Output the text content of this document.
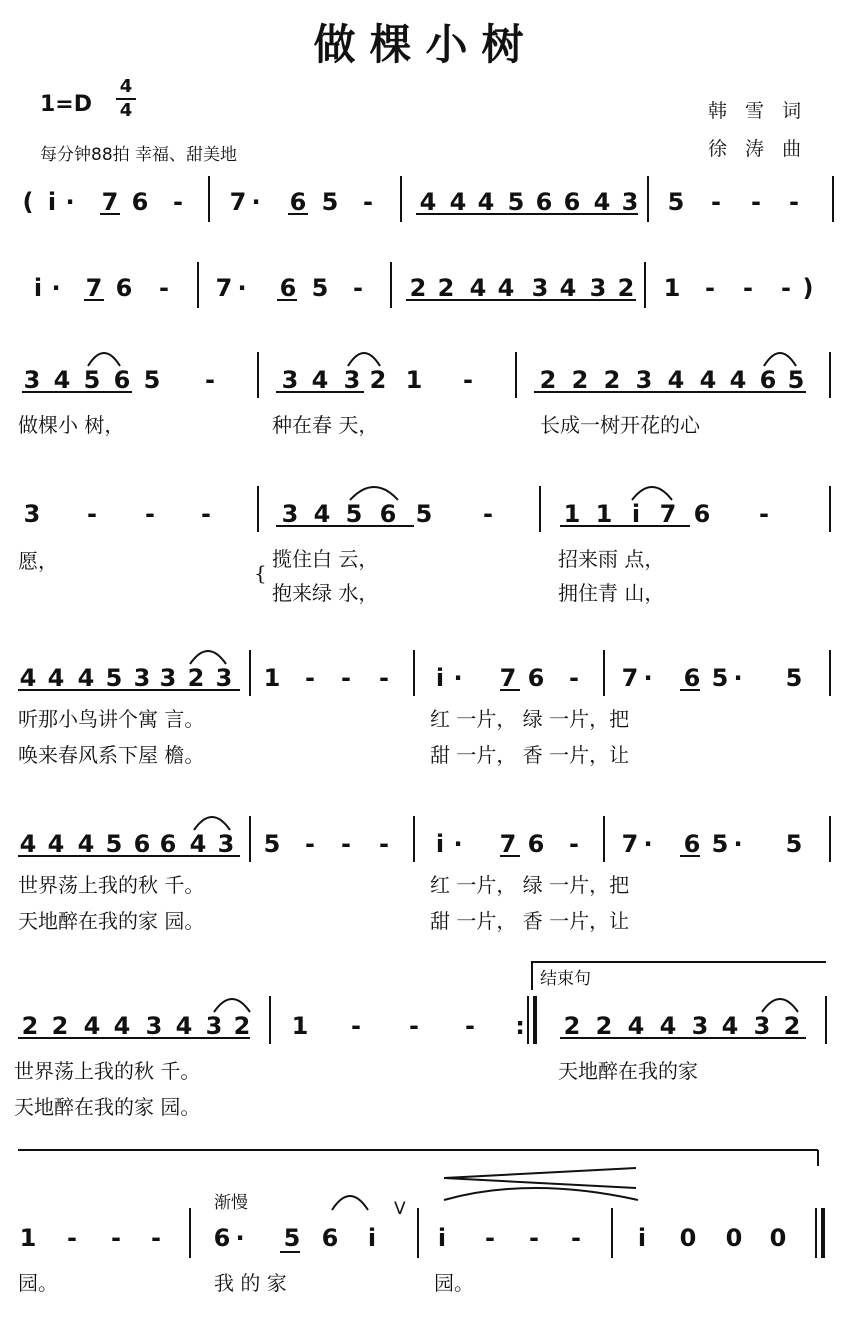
做棵小树
1=D
4
4
每分钟88拍 幸福、甜美地
韩 雪 词
徐 涛 曲
( i · 7 6 - 7 · 6 5 - 4 4 4 5 6 6 4 3 5 - - -
i · 7 6 - 7 · 6 5 - 2 2 4 4 3 4 3 2 1 - - - )
3 4 5 6 5 -	3 4 3 2 1 -	2 2 2 3 4 4 4 6 5
3 - - -	3 4 5 6 5 -	1 1 i 7 6 -
4 4 4 5 3 3 2 3 1 - - - i · 7 6 - 7 · 6 5 · 5
4 4 4 5 6 6 4 3 5 - - - i · 7 6 - 7 · 6 5 · 5
2 2 4 4 3 4 3 2 1 - - - : 2 2 4 4 3 4 3 2
1 - - - 6 · 5 6 i
V
i - - - i 0 0 0
做棵小 树，	种在春 天，	长成一树开花的心
愿，	{
揽住白 云，
抱来绿 水，
招来雨 点，
拥住青 山，
听那小鸟讲个寓 言。
唤来春风系下屋 檐。
红 一片， 绿 一片，把
甜 一片， 香 一片，让
世界荡上我的秋 千。
天地醉在我的家 园。
红 一片， 绿 一片，把
甜 一片， 香 一片，让
世界荡上我的秋 千。
天地醉在我的家 园。
天地醉在我的家
园。	我 的 家	园。
结束句
渐慢
